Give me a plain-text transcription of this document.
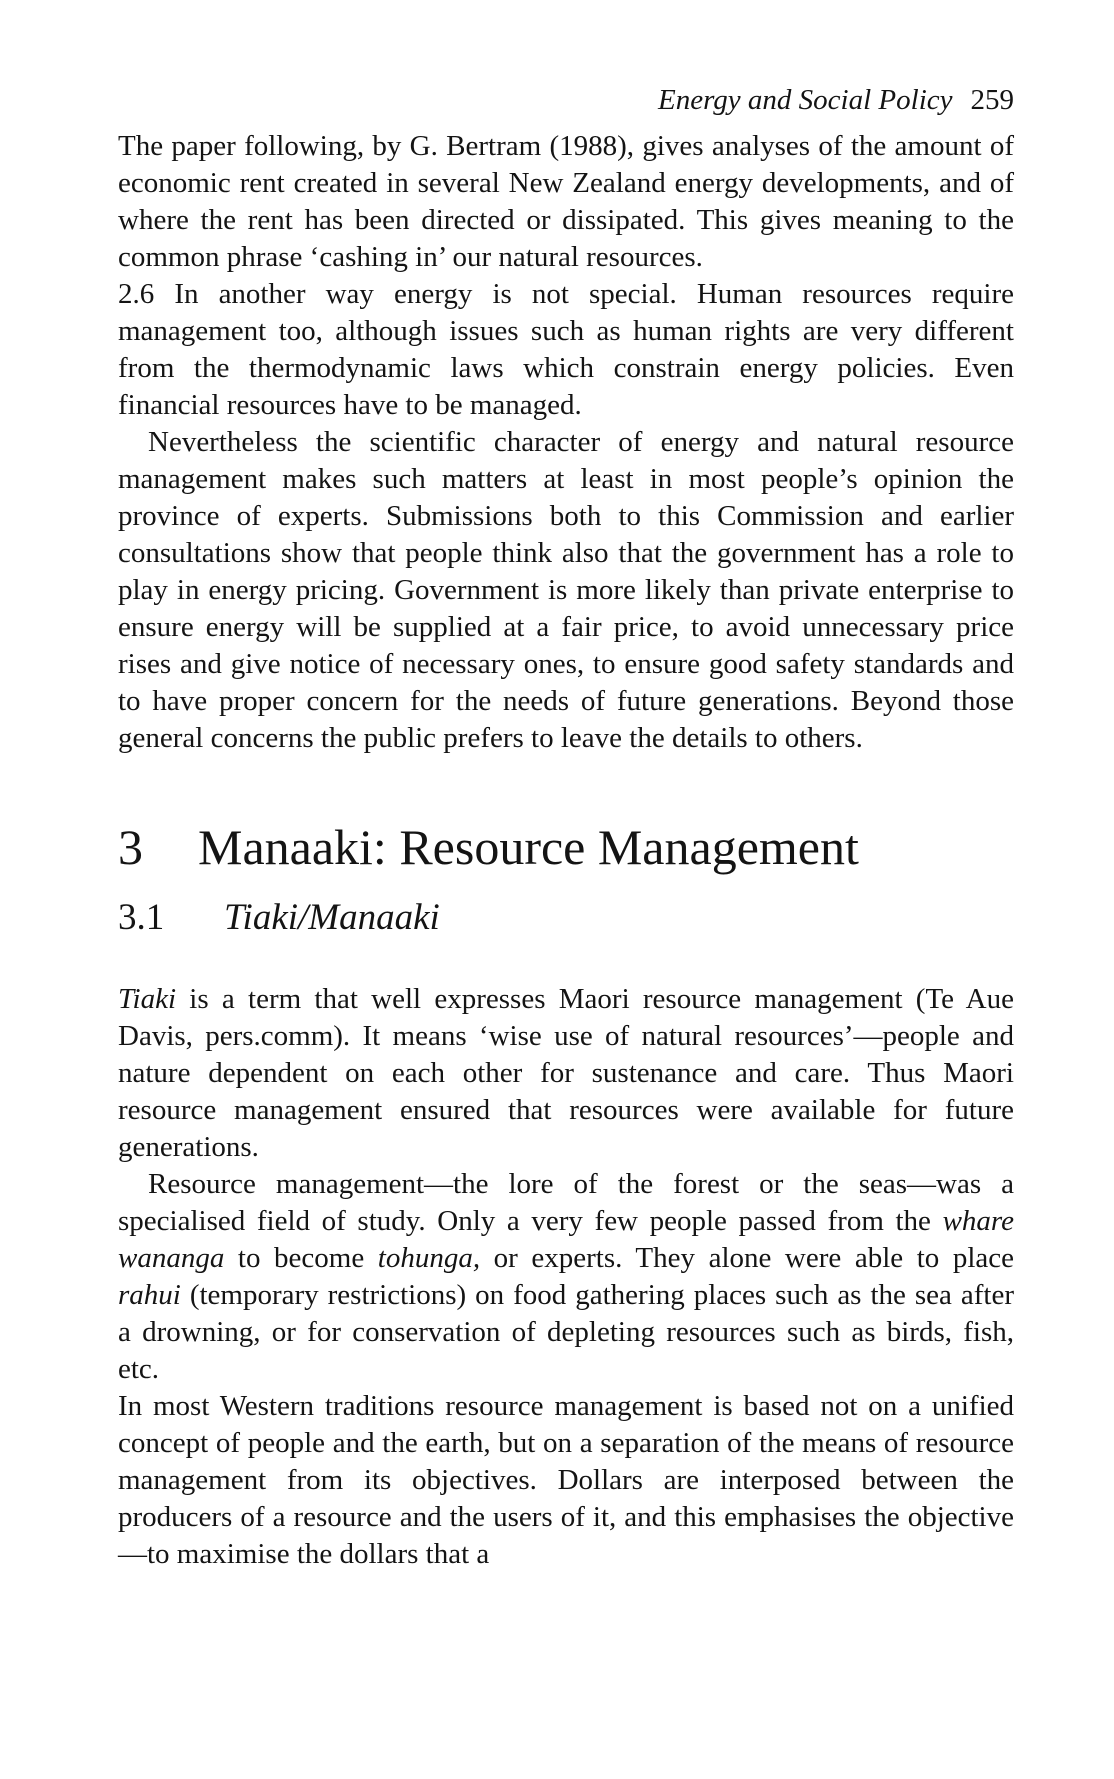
Energy and Social Policy 259

The paper following, by G. Bertram (1988), gives analyses of the amount of economic rent created in several New Zealand energy developments, and of where the rent has been directed or dissipated. This gives meaning to the common phrase ‘cashing in’ our natural resources.

2.6 In another way energy is not special. Human resources require management too, although issues such as human rights are very different from the thermodynamic laws which constrain energy policies. Even financial resources have to be managed.

Nevertheless the scientific character of energy and natural resource management makes such matters at least in most people’s opinion the province of experts. Submissions both to this Commission and earlier consultations show that people think also that the government has a role to play in energy pricing. Government is more likely than private enterprise to ensure energy will be supplied at a fair price, to avoid unnecessary price rises and give notice of necessary ones, to ensure good safety standards and to have proper concern for the needs of future generations. Beyond those general concerns the public prefers to leave the details to others.

3 Manaaki: Resource Management
3.1 Tiaki/Manaaki

Tiaki is a term that well expresses Maori resource management (Te Aue Davis, pers.comm). It means ‘wise use of natural resources’—people and nature dependent on each other for sustenance and care. Thus Maori resource management ensured that resources were available for future generations.

Resource management—the lore of the forest or the seas—was a specialised field of study. Only a very few people passed from the whare wananga to become tohunga, or experts. They alone were able to place rahui (temporary restrictions) on food gathering places such as the sea after a drowning, or for conservation of depleting resources such as birds, fish, etc.

In most Western traditions resource management is based not on a unified concept of people and the earth, but on a separation of the means of resource management from its objectives. Dollars are interposed between the producers of a resource and the users of it, and this emphasises the objective—to maximise the dollars that a
